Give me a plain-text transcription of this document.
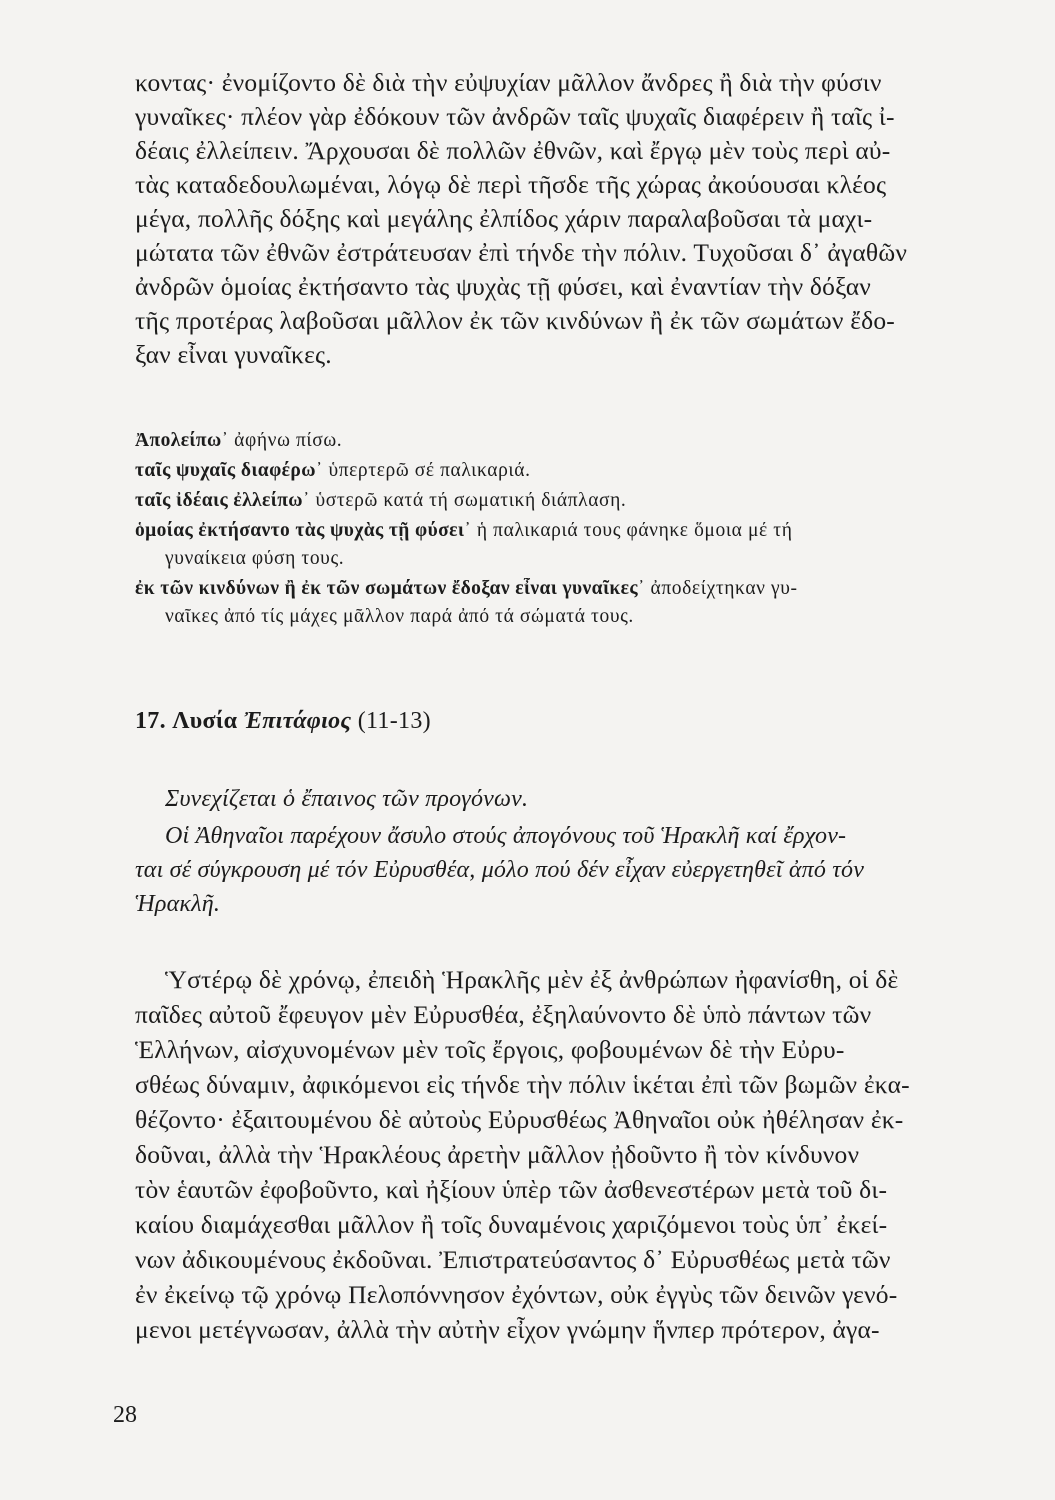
κοντας· ἐνομίζοντο δὲ διὰ τὴν εὐψυχίαν μᾶλλον ἄνδρες ἢ διὰ τὴν φύσιν
γυναῖκες· πλέον γὰρ ἐδόκουν τῶν ἀνδρῶν ταῖς ψυχαῖς διαφέρειν ἢ ταῖς ἰ-
δέαις ἐλλείπειν. Ἄρχουσαι δὲ πολλῶν ἐθνῶν, καὶ ἔργῳ μὲν τοὺς περὶ αὐ-
τὰς καταδεδουλωμέναι, λόγῳ δὲ περὶ τῆσδε τῆς χώρας ἀκούουσαι κλέος
μέγα, πολλῆς δόξης καὶ μεγάλης ἐλπίδος χάριν παραλαβοῦσαι τὰ μαχι-
μώτατα τῶν ἐθνῶν ἐστράτευσαν ἐπὶ τήνδε τὴν πόλιν. Τυχοῦσαι δ᾽ ἀγαθῶν
ἀνδρῶν ὁμοίας ἐκτήσαντο τὰς ψυχὰς τῇ φύσει, καὶ ἐναντίαν τὴν δόξαν
τῆς προτέρας λαβοῦσαι μᾶλλον ἐκ τῶν κινδύνων ἢ ἐκ τῶν σωμάτων ἔδο-
ξαν εἶναι γυναῖκες.
Ἀπολείπω᾽ ἀφήνω πίσω.
ταῖς ψυχαῖς διαφέρω᾽ ὑπερτερῶ σέ παλικαριά.
ταῖς ἰδέαις ἐλλείπω᾽ ὑστερῶ κατά τή σωματική διάπλαση.
ὁμοίας ἐκτήσαντο τὰς ψυχὰς τῇ φύσει᾽ ἡ παλικαριά τους φάνηκε ὅμοια μέ τή
γυναίκεια φύση τους.
ἐκ τῶν κινδύνων ἢ ἐκ τῶν σωμάτων ἔδοξαν εἶναι γυναῖκες᾽ ἀποδείχτηκαν γυ-
ναῖκες ἀπό τίς μάχες μᾶλλον παρά ἀπό τά σώματά τους.
17. Λυσία Ἐπιτάφιος (11-13)
Συνεχίζεται ὁ ἔπαινος τῶν προγόνων.
Οἱ Ἀθηναῖοι παρέχουν ἄσυλο στούς ἀπογόνους τοῦ Ἡρακλῆ καί ἔρχον-
ται σέ σύγκρουση μέ τόν Εὐρυσθέα, μόλο πού δέν εἶχαν εὐεργετηθεῖ ἀπό τόν
Ἡρακλῆ.
Ὑστέρῳ δὲ χρόνῳ, ἐπειδὴ Ἡρακλῆς μὲν ἐξ ἀνθρώπων ἠφανίσθη, οἱ δὲ
παῖδες αὐτοῦ ἔφευγον μὲν Εὐρυσθέα, ἐξηλαύνοντο δὲ ὑπὸ πάντων τῶν
Ἑλλήνων, αἰσχυνομένων μὲν τοῖς ἔργοις, φοβουμένων δὲ τὴν Εὐρυ-
σθέως δύναμιν, ἀφικόμενοι εἰς τήνδε τὴν πόλιν ἱκέται ἐπὶ τῶν βωμῶν ἐκα-
θέζοντο· ἐξαιτουμένου δὲ αὐτοὺς Εὐρυσθέως Ἀθηναῖοι οὐκ ἠθέλησαν ἐκ-
δοῦναι, ἀλλὰ τὴν Ἡρακλέους ἀρετὴν μᾶλλον ᾐδοῦντο ἢ τὸν κίνδυνον
τὸν ἑαυτῶν ἐφοβοῦντο, καὶ ἠξίουν ὑπὲρ τῶν ἀσθενεστέρων μετὰ τοῦ δι-
καίου διαμάχεσθαι μᾶλλον ἢ τοῖς δυναμένοις χαριζόμενοι τοὺς ὑπ᾽ ἐκεί-
νων ἀδικουμένους ἐκδοῦναι. Ἐπιστρατεύσαντος δ᾽ Εὐρυσθέως μετὰ τῶν
ἐν ἐκείνῳ τῷ χρόνῳ Πελοπόννησον ἐχόντων, οὐκ ἐγγὺς τῶν δεινῶν γενό-
μενοι μετέγνωσαν, ἀλλὰ τὴν αὐτὴν εἶχον γνώμην ἥνπερ πρότερον, ἀγα-
28
